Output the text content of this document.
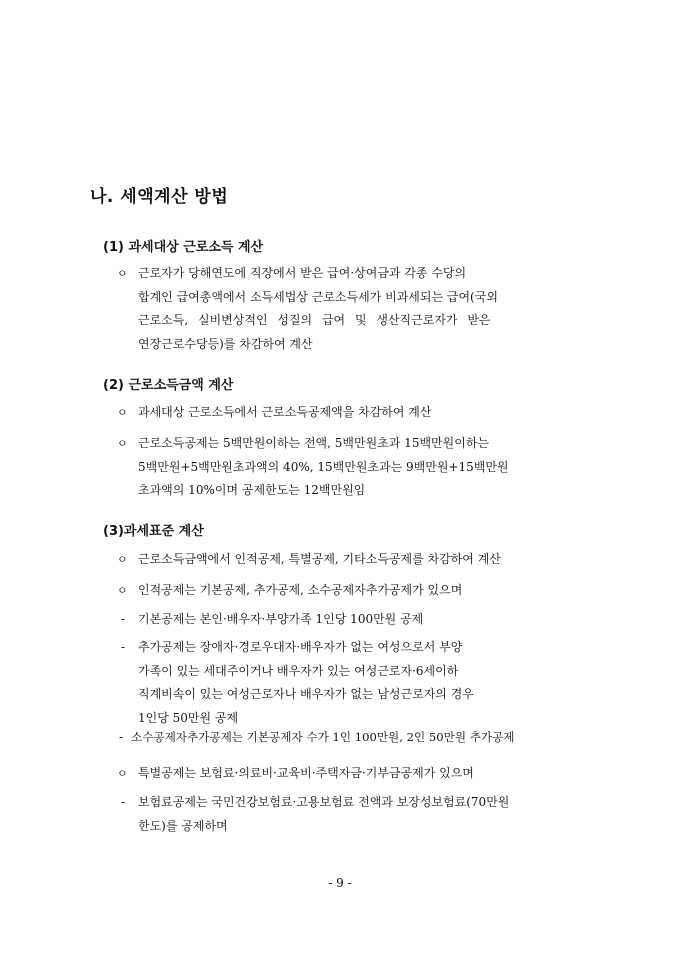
나. 세액계산 방법
(1) 과세대상 근로소득 계산
ㅇ 근로자가 당해연도에 직장에서 받은 급여·상여금과 각종 수당의
합계인 급여총액에서 소득세법상 근로소득세가 비과세되는 급여(국외
근로소득, 실비변상적인 성질의 급여 및 생산직근로자가 받은
연장근로수당등)를 차감하여 계산
(2) 근로소득금액 계산
ㅇ 과세대상 근로소득에서 근로소득공제액을 차감하여 계산
ㅇ 근로소득공제는 5백만원이하는 전액, 5백만원초과 15백만원이하는
5백만원+5백만원초과액의 40%, 15백만원초과는 9백만원+15백만원
초과액의 10%이며 공제한도는 12백만원임
(3)과세표준 계산
ㅇ 근로소득금액에서 인적공제, 특별공제, 기타소득공제를 차감하여 계산
ㅇ 인적공제는 기본공제, 추가공제, 소수공제자추가공제가 있으며
- 기본공제는 본인·배우자·부양가족 1인당 100만원 공제
- 추가공제는 장애자·경로우대자·배우자가 없는 여성으로서 부양
가족이 있는 세대주이거나 배우자가 있는 여성근로자·6세이하
직계비속이 있는 여성근로자나 배우자가 없는 남성근로자의 경우
1인당 50만원 공제
- 소수공제자추가공제는 기본공제자 수가 1인 100만원, 2인 50만원 추가공제
ㅇ 특별공제는 보험료·의료비·교육비·주택자금·기부금공제가 있으며
- 보험료공제는 국민건강보험료·고용보험료 전액과 보장성보험료(70만원
한도)를 공제하며
- 9 -
